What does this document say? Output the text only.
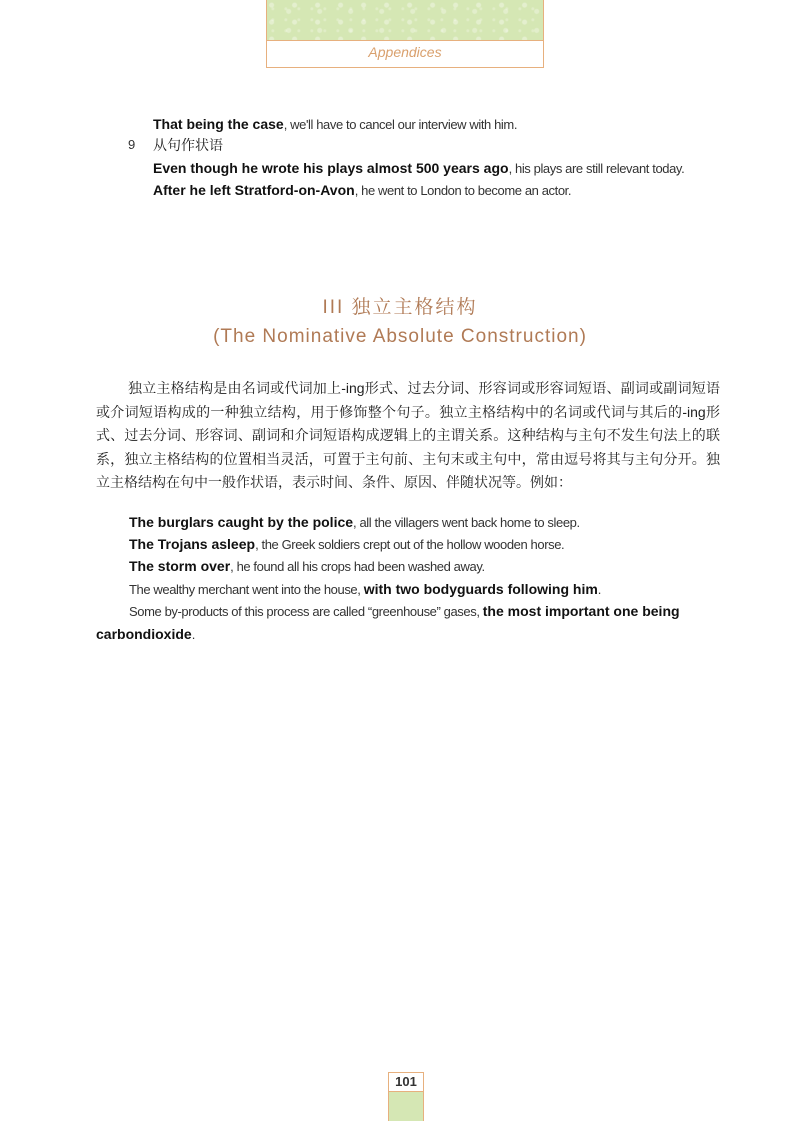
Appendices
That being the case, we'll have to cancel our interview with him.
9 从句作状语
Even though he wrote his plays almost 500 years ago, his plays are still relevant today.
After he left Stratford-on-Avon, he went to London to become an actor.
III 独立主格结构
(The Nominative Absolute Construction)
独立主格结构是由名词或代词加上-ing形式、过去分词、形容词或形容词短语、副词或副词短语或介词短语构成的一种独立结构，用于修饰整个句子。独立主格结构中的名词或代词与其后的-ing形式、过去分词、形容词、副词和介词短语构成逻辑上的主谓关系。这种结构与主句不发生句法上的联系，独立主格结构的位置相当灵活，可置于主句前、主句末或主句中，常由逗号将其与主句分开。独立主格结构在句中一般作状语，表示时间、条件、原因、伴随状况等。例如：
The burglars caught by the police, all the villagers went back home to sleep.
The Trojans asleep, the Greek soldiers crept out of the hollow wooden horse.
The storm over, he found all his crops had been washed away.
The wealthy merchant went into the house, with two bodyguards following him.
Some by-products of this process are called “greenhouse” gases, the most important one being
carbondioxide.
101
